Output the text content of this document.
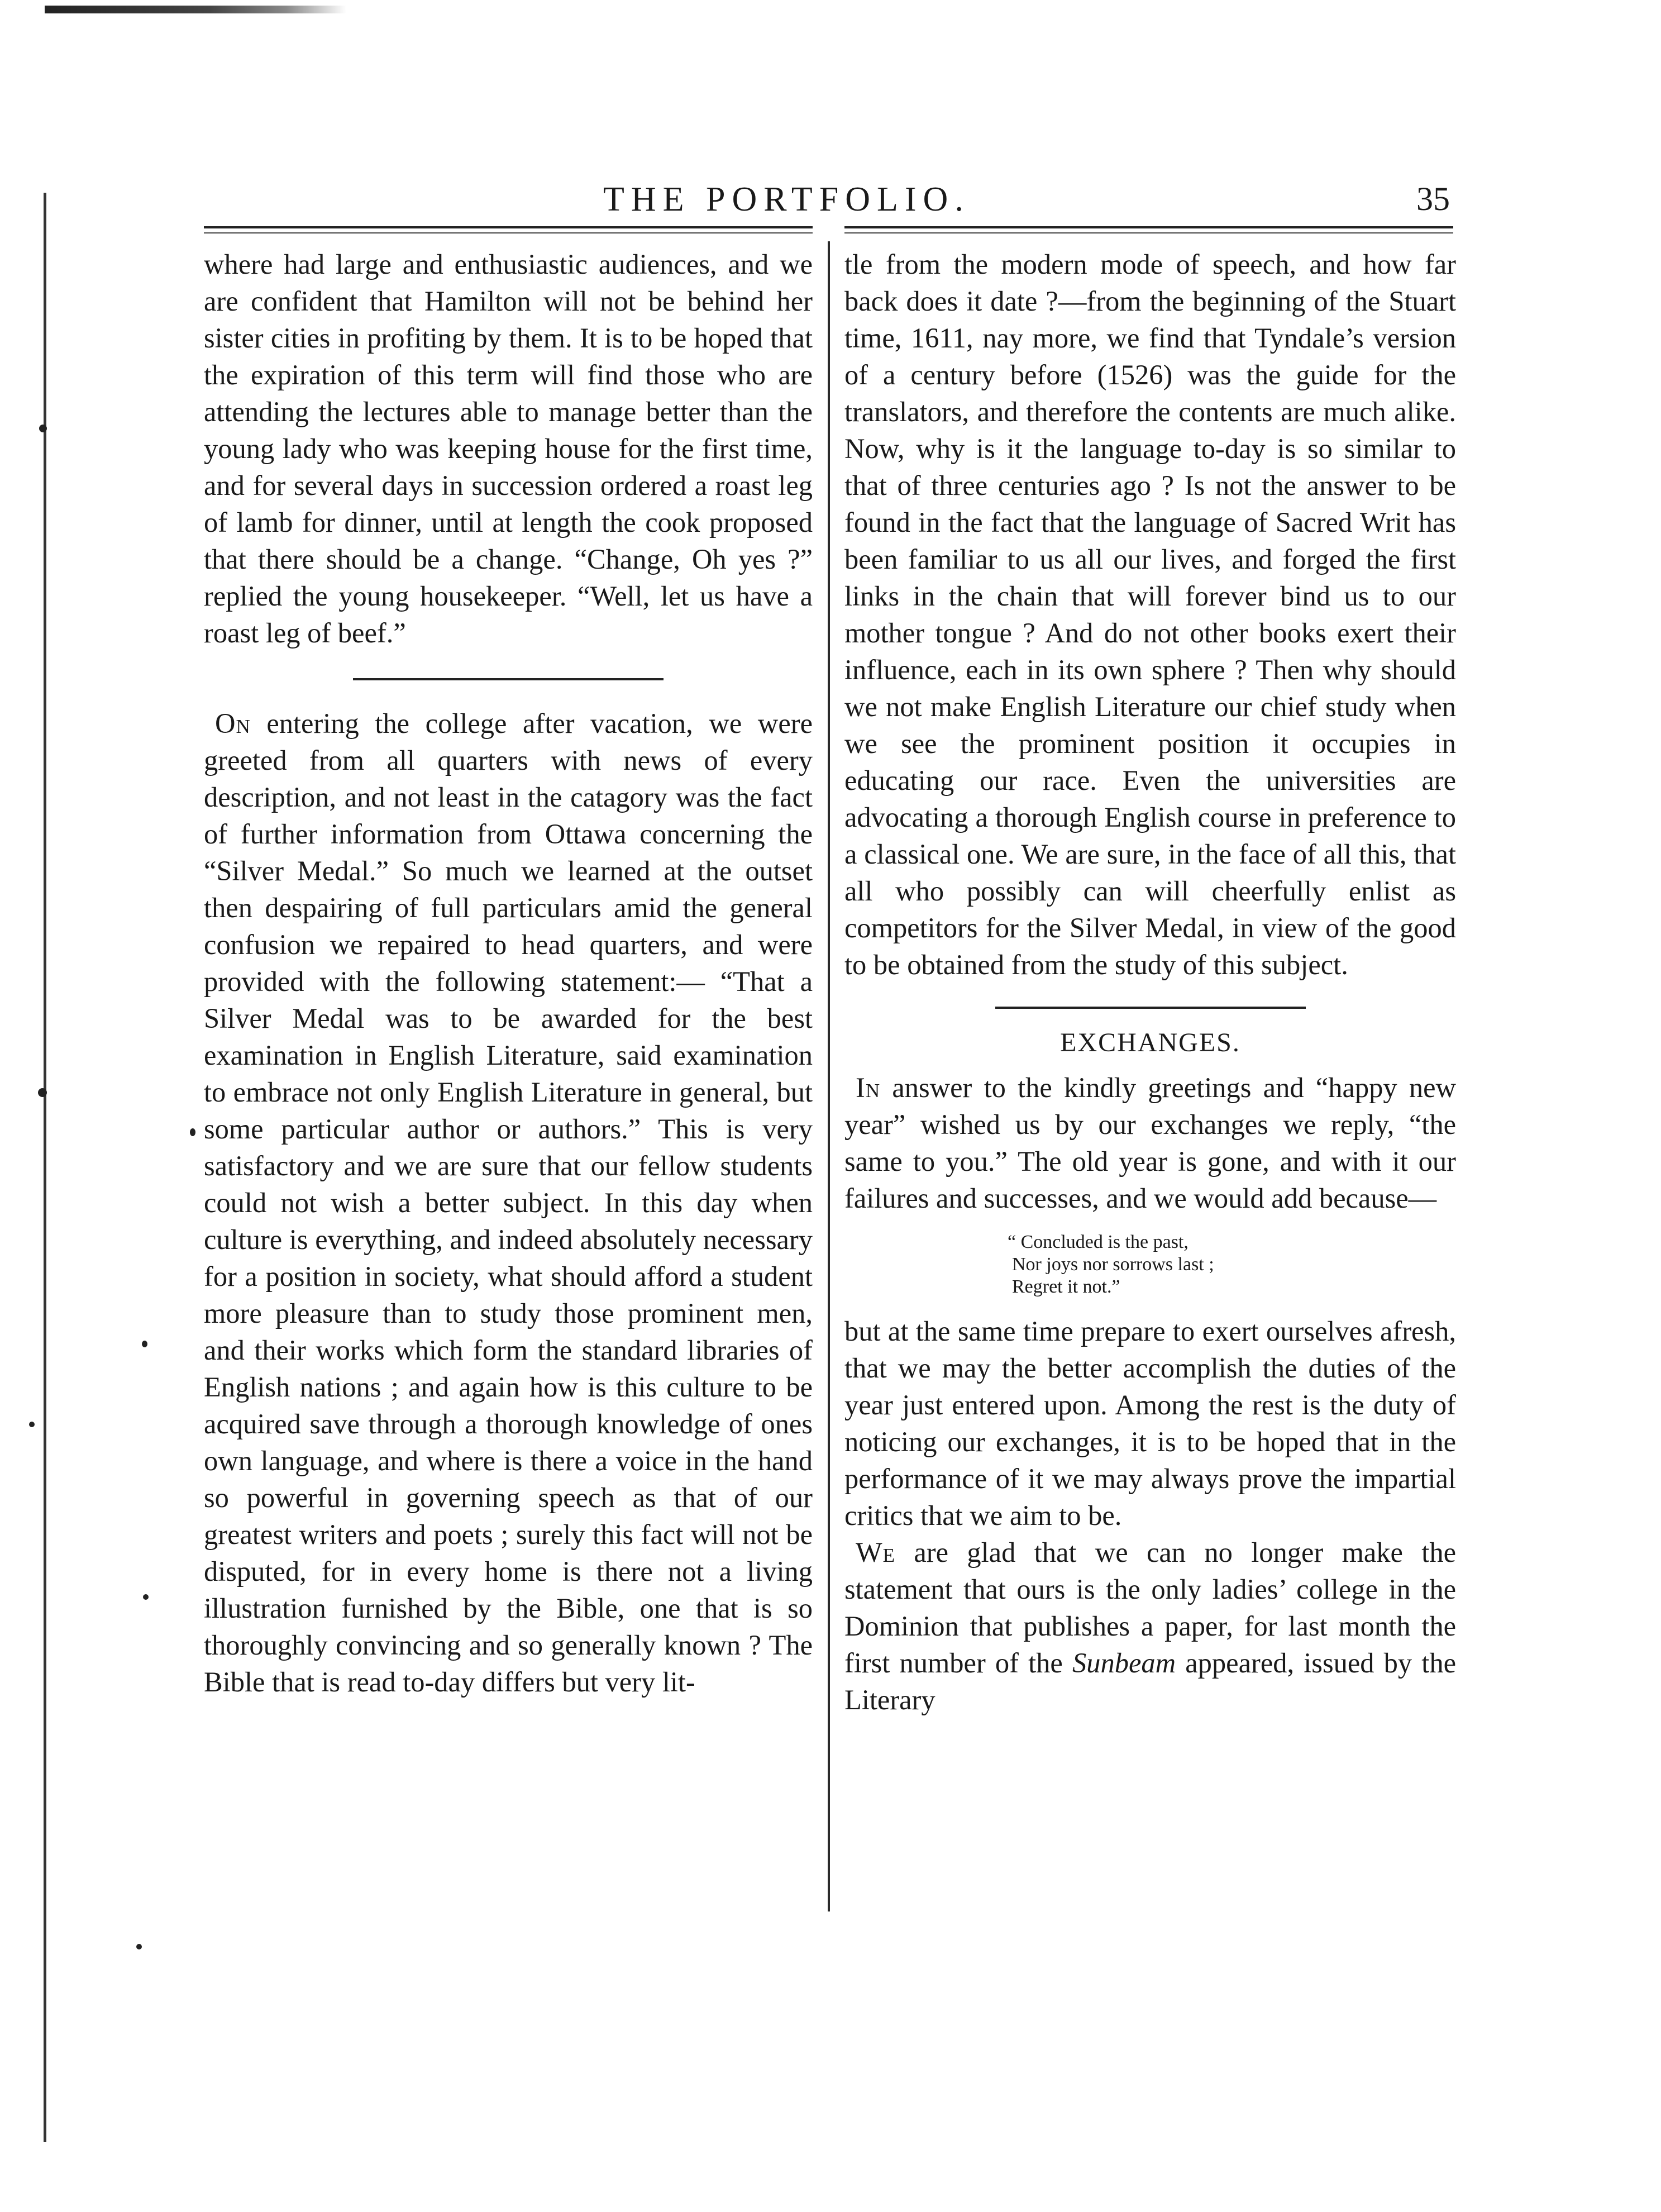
THE PORTFOLIO.	35

where had large and enthusiastic audiences, and we are confident that Hamilton will not be behind her sister cities in profiting by them. It is to be hoped that the expiration of this term will find those who are attending the lectures able to manage better than the young lady who was keeping house for the first time, and for several days in succession ordered a roast leg of lamb for dinner, until at length the cook proposed that there should be a change. “Change, Oh yes ?” replied the young housekeeper. “Well, let us have a roast leg of beef.”

On entering the college after vacation, we were greeted from all quarters with news of every description, and not least in the catagory was the fact of further information from Ottawa concerning the “Silver Medal.” So much we learned at the outset then despairing of full particulars amid the general confusion we repaired to head quarters, and were provided with the following statement:— “That a Silver Medal was to be awarded for the best examination in English Literature, said examination to embrace not only English Literature in general, but some particular author or authors.” This is very satisfactory and we are sure that our fellow students could not wish a better subject. In this day when culture is everything, and indeed absolutely necessary for a position in society, what should afford a student more pleasure than to study those prominent men, and their works which form the standard libraries of English nations ; and again how is this culture to be acquired save through a thorough knowledge of ones own language, and where is there a voice in the hand so powerful in governing speech as that of our greatest writers and poets ; surely this fact will not be disputed, for in every home is there not a living illustration furnished by the Bible, one that is so thoroughly convincing and so generally known ? The Bible that is read to-day differs but very lit-

tle from the modern mode of speech, and how far back does it date ?—from the beginning of the Stuart time, 1611, nay more, we find that Tyndale’s version of a century before (1526) was the guide for the translators, and therefore the contents are much alike. Now, why is it the language to-day is so similar to that of three centuries ago ? Is not the answer to be found in the fact that the language of Sacred Writ has been familiar to us all our lives, and forged the first links in the chain that will forever bind us to our mother tongue ? And do not other books exert their influence, each in its own sphere ? Then why should we not make English Literature our chief study when we see the prominent position it occupies in educating our race. Even the universities are advocating a thorough English course in preference to a classical one. We are sure, in the face of all this, that all who possibly can will cheerfully enlist as competitors for the Silver Medal, in view of the good to be obtained from the study of this subject.

EXCHANGES.

In answer to the kindly greetings and “happy new year” wished us by our exchanges we reply, “the same to you.” The old year is gone, and with it our failures and successes, and we would add because—

“ Concluded is the past,
Nor joys nor sorrows last ;
Regret it not.”

but at the same time prepare to exert ourselves afresh, that we may the better accomplish the duties of the year just entered upon. Among the rest is the duty of noticing our exchanges, it is to be hoped that in the performance of it we may always prove the impartial critics that we aim to be.

We are glad that we can no longer make the statement that ours is the only ladies’ college in the Dominion that publishes a paper, for last month the first number of the Sunbeam appeared, issued by the Literary
